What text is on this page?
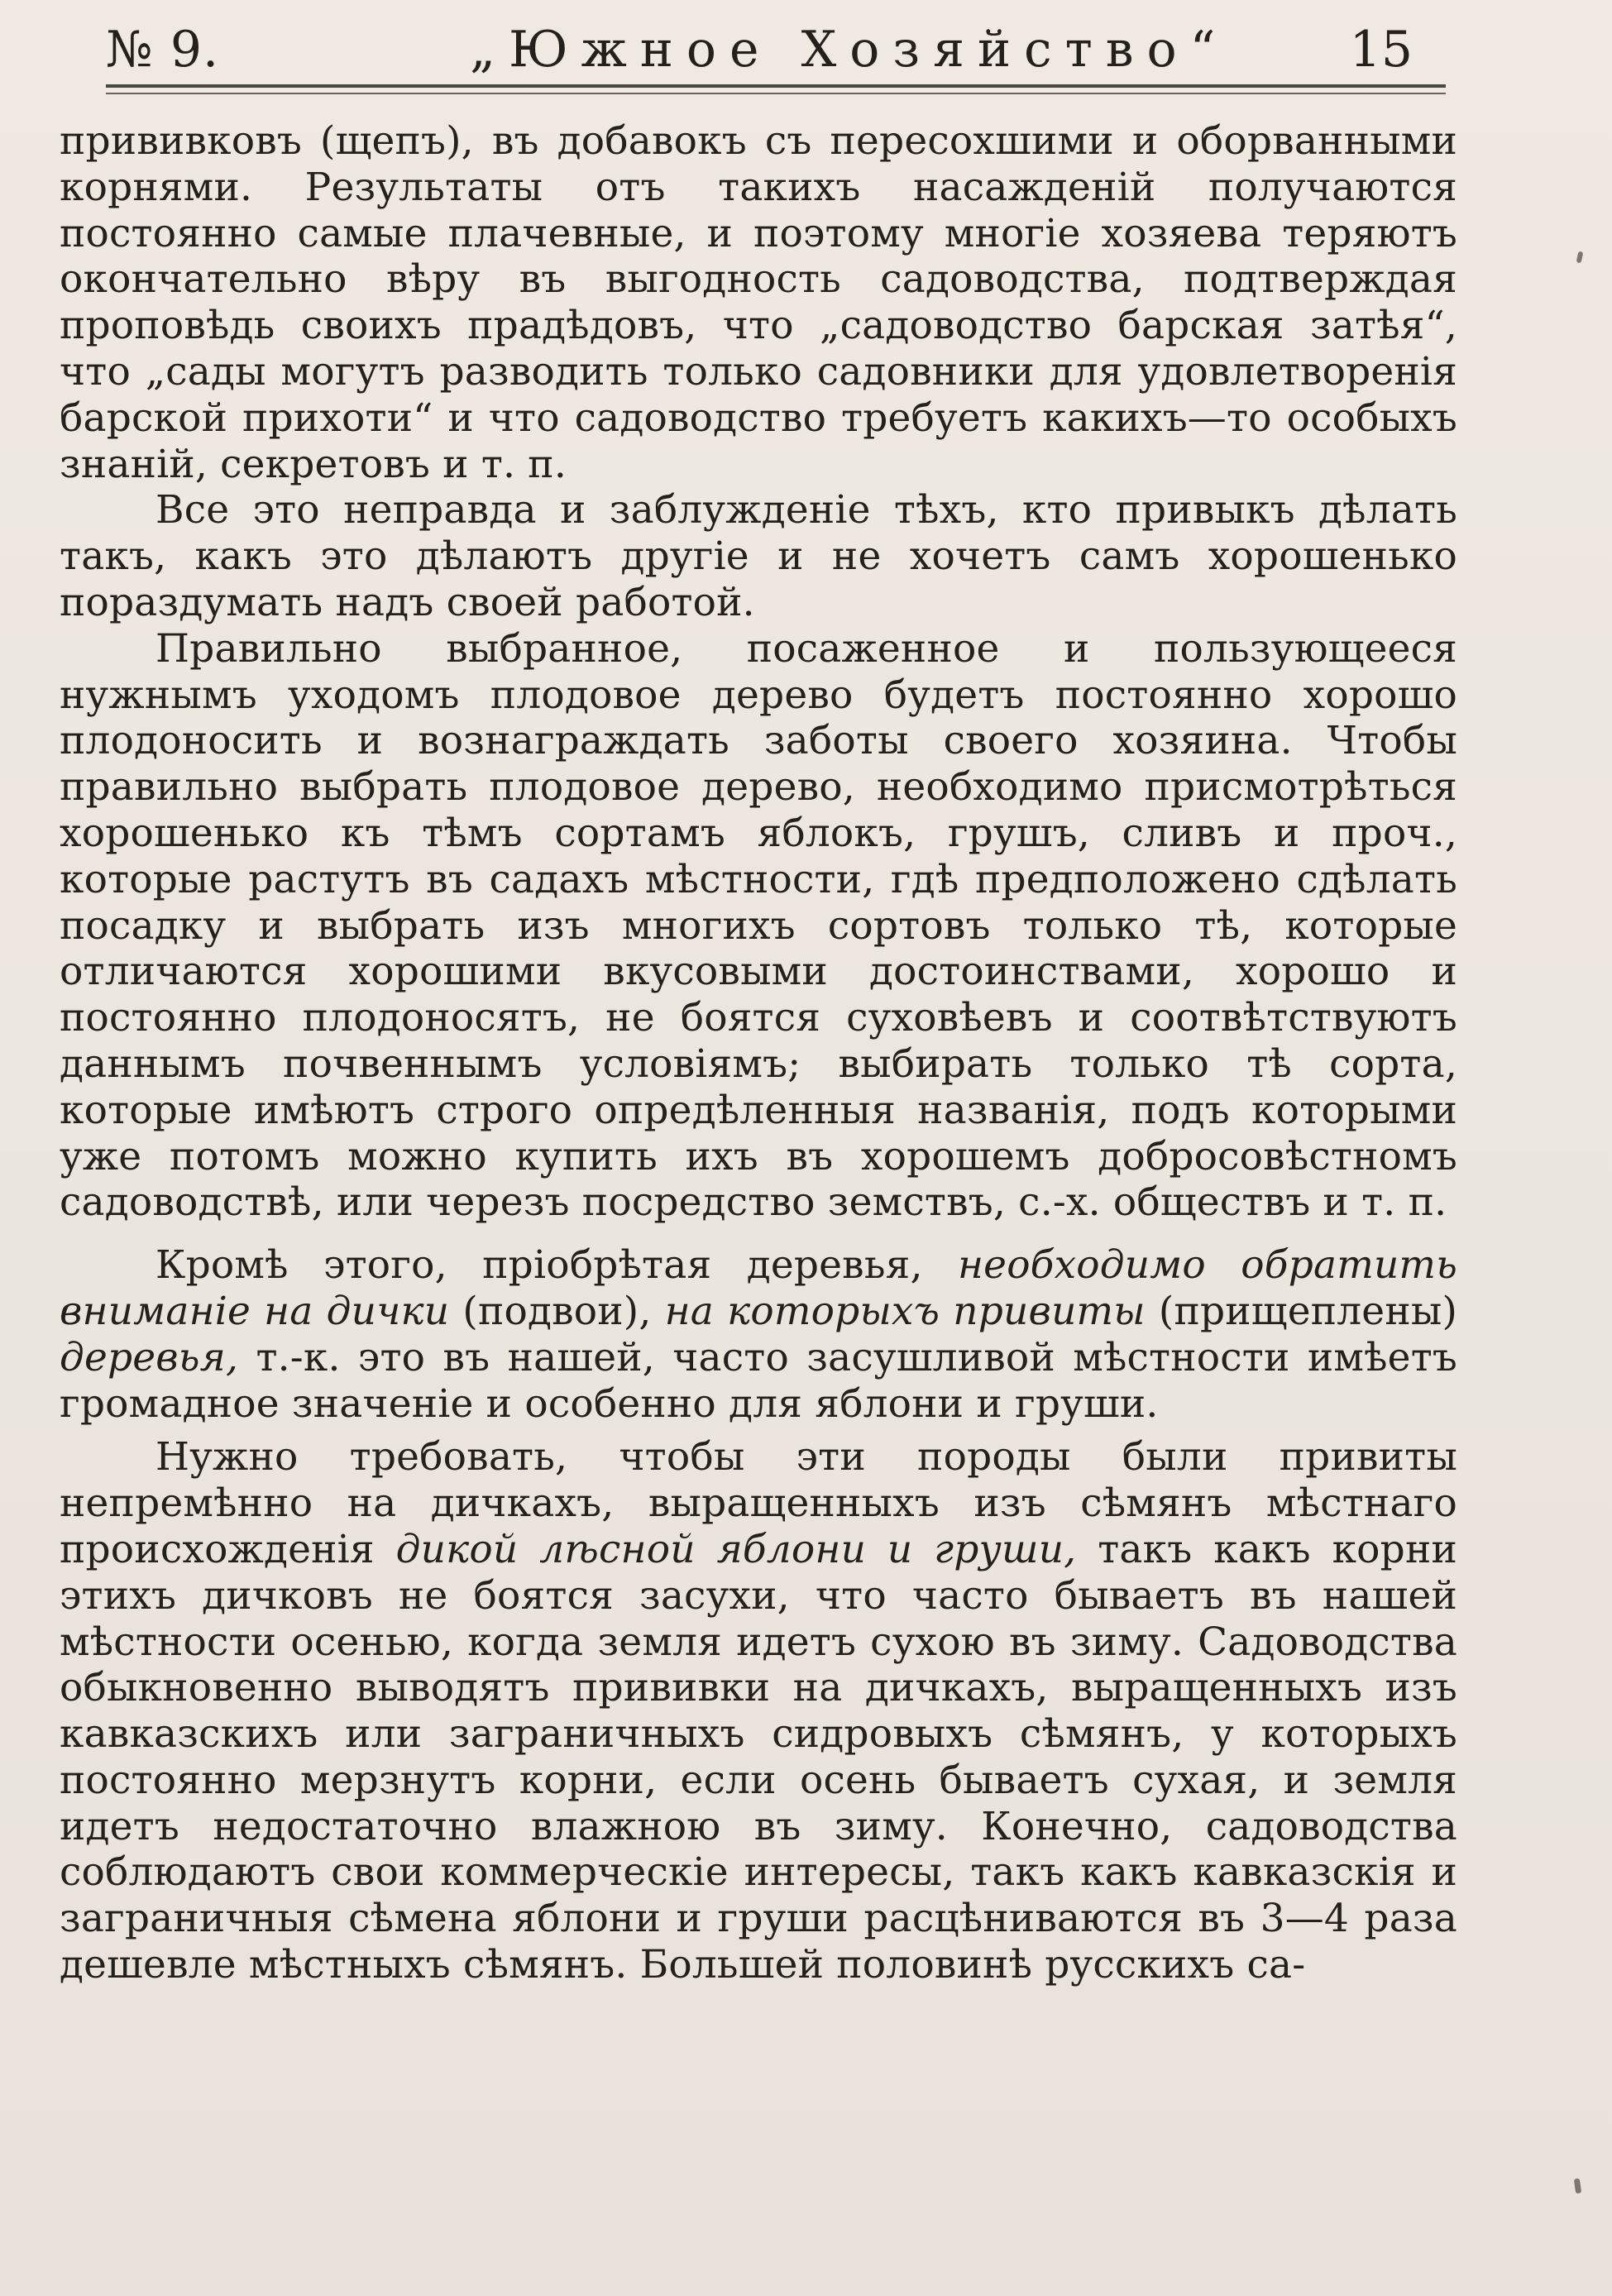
№ 9.	„Южное Хозяйство“ 15

прививковъ (щепъ), въ добавокъ съ пересохшими и оборванными корнями. Результаты отъ такихъ насажденій получаются постоянно самые плачевные, и поэтому многіе хозяева теряютъ окончательно вѣру въ выгодность садоводства, подтверждая проповѣдь своихъ прадѣдовъ, что „садоводство барская затѣя“, что „сады могутъ разводить только садовники для удовлетворенія барской прихоти“ и что садоводство требуетъ какихъ—то особыхъ знаній, секретовъ и т. п.

Все это неправда и заблужденіе тѣхъ, кто привыкъ дѣлать такъ, какъ это дѣлаютъ другіе и не хочетъ самъ хорошенько пораздумать надъ своей работой.

Правильно выбранное, посаженное и пользующееся нужнымъ уходомъ плодовое дерево будетъ постоянно хорошо плодоносить и вознаграждать заботы своего хозяина. Чтобы правильно выбрать плодовое дерево, необходимо присмотрѣться хорошенько къ тѣмъ сортамъ яблокъ, грушъ, сливъ и проч., которые растутъ въ садахъ мѣстности, гдѣ предположено сдѣлать посадку и выбрать изъ многихъ сортовъ только тѣ, которые отличаются хорошими вкусовыми достоинствами, хорошо и постоянно плодоносятъ, не боятся суховѣевъ и соотвѣтствуютъ даннымъ почвеннымъ условіямъ; выбирать только тѣ сорта, которые имѣютъ строго опредѣленныя названія, подъ которыми уже потомъ можно купить ихъ въ хорошемъ добросовѣстномъ садоводствѣ, или черезъ посредство земствъ, с.-х. обществъ и т. п.

Кромѣ этого, пріобрѣтая деревья, необходимо обратить вниманіе на дички (подвои), на которыхъ привиты (прищеплены) деревья, т.-к. это въ нашей, часто засушливой мѣстности имѣетъ громадное значеніе и особенно для яблони и груши.

Нужно требовать, чтобы эти породы были привиты непремѣнно на дичкахъ, выращенныхъ изъ сѣмянъ мѣстнаго происхожденія дикой лѣсной яблони и груши, такъ какъ корни этихъ дичковъ не боятся засухи, что часто бываетъ въ нашей мѣстности осенью, когда земля идетъ сухою въ зиму. Садоводства обыкновенно выводятъ прививки на дичкахъ, выращенныхъ изъ кавказскихъ или заграничныхъ сидровыхъ сѣмянъ, у которыхъ постоянно мерзнутъ корни, если осень бываетъ сухая, и земля идетъ недостаточно влажною въ зиму. Конечно, садоводства соблюдаютъ свои коммерческіе интересы, такъ какъ кавказскія и заграничныя сѣмена яблони и груши расцѣниваются въ 3—4 раза дешевле мѣстныхъ сѣмянъ. Большей половинѣ русскихъ са-
